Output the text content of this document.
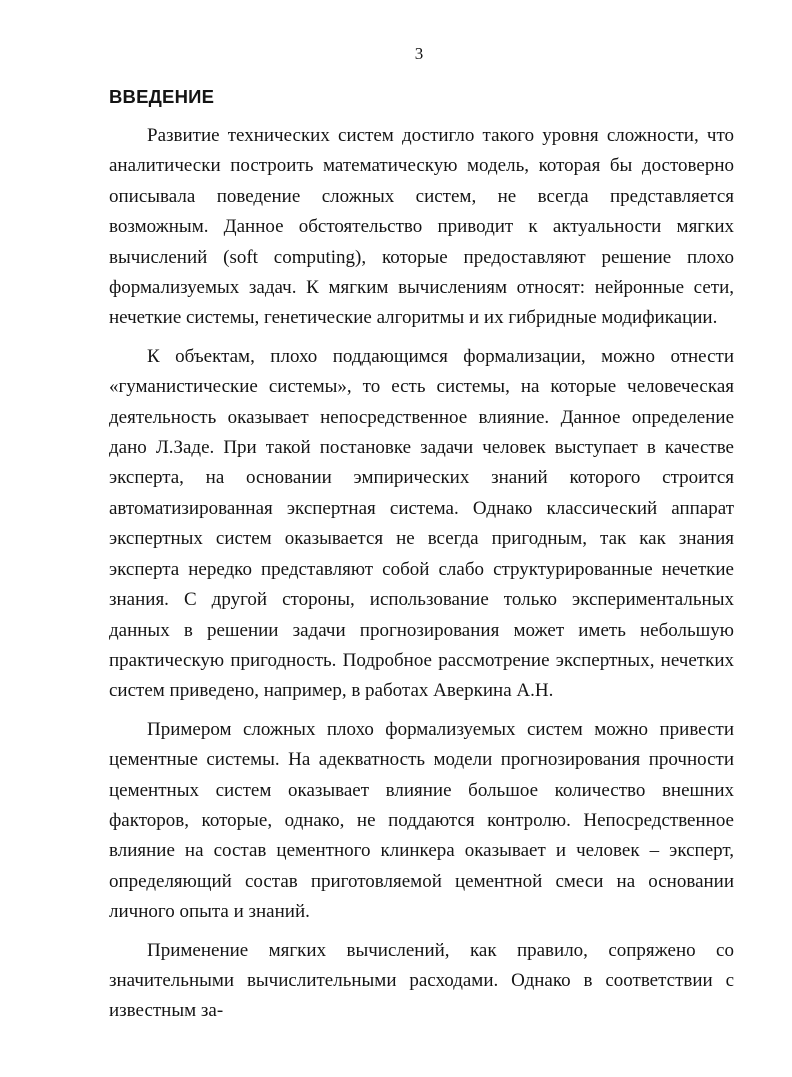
3
ВВЕДЕНИЕ

Развитие технических систем достигло такого уровня сложности, что аналитически построить математическую модель, которая бы достоверно описывала поведение сложных систем, не всегда представляется возможным. Данное обстоятельство приводит к актуальности мягких вычислений (soft computing), которые предоставляют решение плохо формализуемых задач. К мягким вычислениям относят: нейронные сети, нечеткие системы, генетические алгоритмы и их гибридные модификации.

К объектам, плохо поддающимся формализации, можно отнести «гуманистические системы», то есть системы, на которые человеческая деятельность оказывает непосредственное влияние. Данное определение дано Л.Заде. При такой постановке задачи человек выступает в качестве эксперта, на основании эмпирических знаний которого строится автоматизированная экспертная система. Однако классический аппарат экспертных систем оказывается не всегда пригодным, так как знания эксперта нередко представляют собой слабо структурированные нечеткие знания. С другой стороны, использование только экспериментальных данных в решении задачи прогнозирования может иметь небольшую практическую пригодность. Подробное рассмотрение экспертных, нечетких систем приведено, например, в работах Аверкина А.Н.

Примером сложных плохо формализуемых систем можно привести цементные системы. На адекватность модели прогнозирования прочности цементных систем оказывает влияние большое количество внешних факторов, которые, однако, не поддаются контролю. Непосредственное влияние на состав цементного клинкера оказывает и человек – эксперт, определяющий состав приготовляемой цементной смеси на основании личного опыта и знаний.

Применение мягких вычислений, как правило, сопряжено со значительными вычислительными расходами. Однако в соответствии с известным за-
